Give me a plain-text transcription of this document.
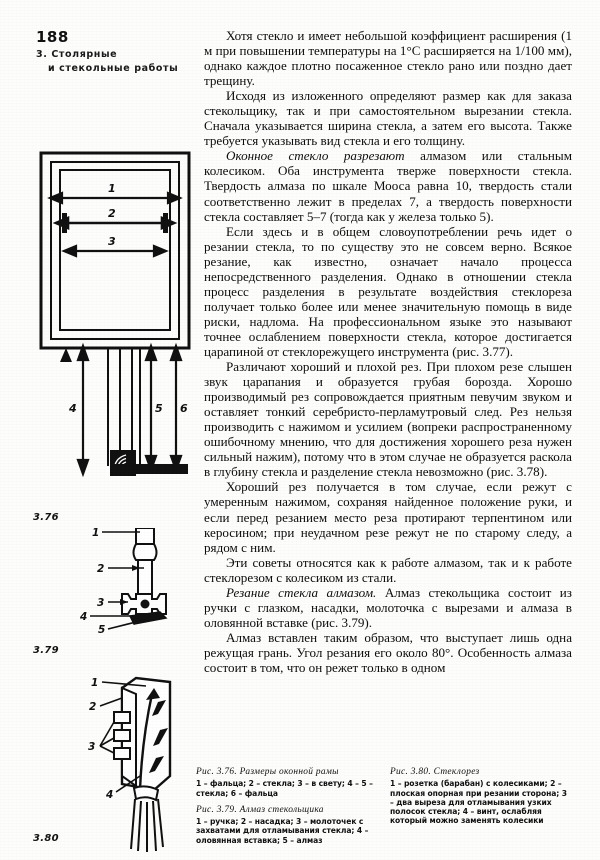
188
3. Столярные
и стекольные работы

Хотя стекло и имеет небольшой коэффициент расширения (1 м при повышении температуры на 1°C расширяется на 1/100 мм), однако каждое плотно посаженное стекло рано или поздно дает трещину.

Исходя из изложенного определяют размер как для заказа стекольщику, так и при самостоятельном вырезании стекла. Сначала указывается ширина стекла, а затем его высота. Также требуется указывать вид стекла и его толщину.

Оконное стекло разрезают алмазом или стальным колесиком. Оба инструмента тверже поверхности стекла. Твердость алмаза по шкале Мооса равна 10, твердость стали соответственно лежит в пределах 7, а твердость поверхности стекла составляет 5–7 (тогда как у железа только 5).

Если здесь и в общем словоупотреблении речь идет о резании стекла, то по существу это не совсем верно. Всякое резание, как известно, означает начало процесса непосредственного разделения. Однако в отношении стекла процесс разделения в результате воздействия стеклореза получает только более или менее значительную помощь в виде риски, надлома. На профессиональном языке это называют точнее ослаблением поверхности стекла, которое достигается царапиной от стеклорежущего инструмента (рис. 3.77).

Различают хороший и плохой рез. При плохом резе слышен звук царапания и образуется грубая борозда. Хорошо производимый рез сопровождается приятным певучим звуком и оставляет тонкий серебристо-перламутровый след. Рез нельзя производить с нажимом и усилием (вопреки распространенному ошибочному мнению, что для достижения хорошего реза нужен сильный нажим), потому что в этом случае не образуется раскола в глубину стекла и разделение стекла невозможно (рис. 3.78).

Хороший рез получается в том случае, если режут с умеренным нажимом, сохраняя найденное положение руки, и если перед резанием место реза протирают терпентином или керосином; при неудачном резе режут не по старому следу, а рядом с ним.

Эти советы относятся как к работе алмазом, так и к работе стеклорезом с колесиком из стали.

Резание стекла алмазом. Алмаз стекольщика состоит из ручки с глазком, насадки, молоточка с вырезами и алмаза в оловянной вставке (рис. 3.79).

Алмаз вставлен таким образом, что выступает лишь одна режущая грань. Угол резания его около 80°. Особенность алмаза состоит в том, что он режет только в одном

1
2
3
4	5 6
3.76
1
2
3
4
5
3.79
1
2
3
4
3.80
Рис. 3.76. Размеры оконной рамы
1 – фальца; 2 – стекла; 3 – в свету; 4 – 5 – стекла; 6 – фальца
Рис. 3.79. Алмаз стекольщика
1 – ручка; 2 – насадка; 3 – молоточек с захватами для отламывания стекла; 4 – оловянная вставка; 5 – алмаз
Рис. 3.80. Стеклорез
1 – розетка (барабан) с колесиками; 2 – плоская опорная при резании сторона; 3 – два выреза для отламывания узких полосок стекла; 4 – винт, ослабляя который можно заменять колесики
